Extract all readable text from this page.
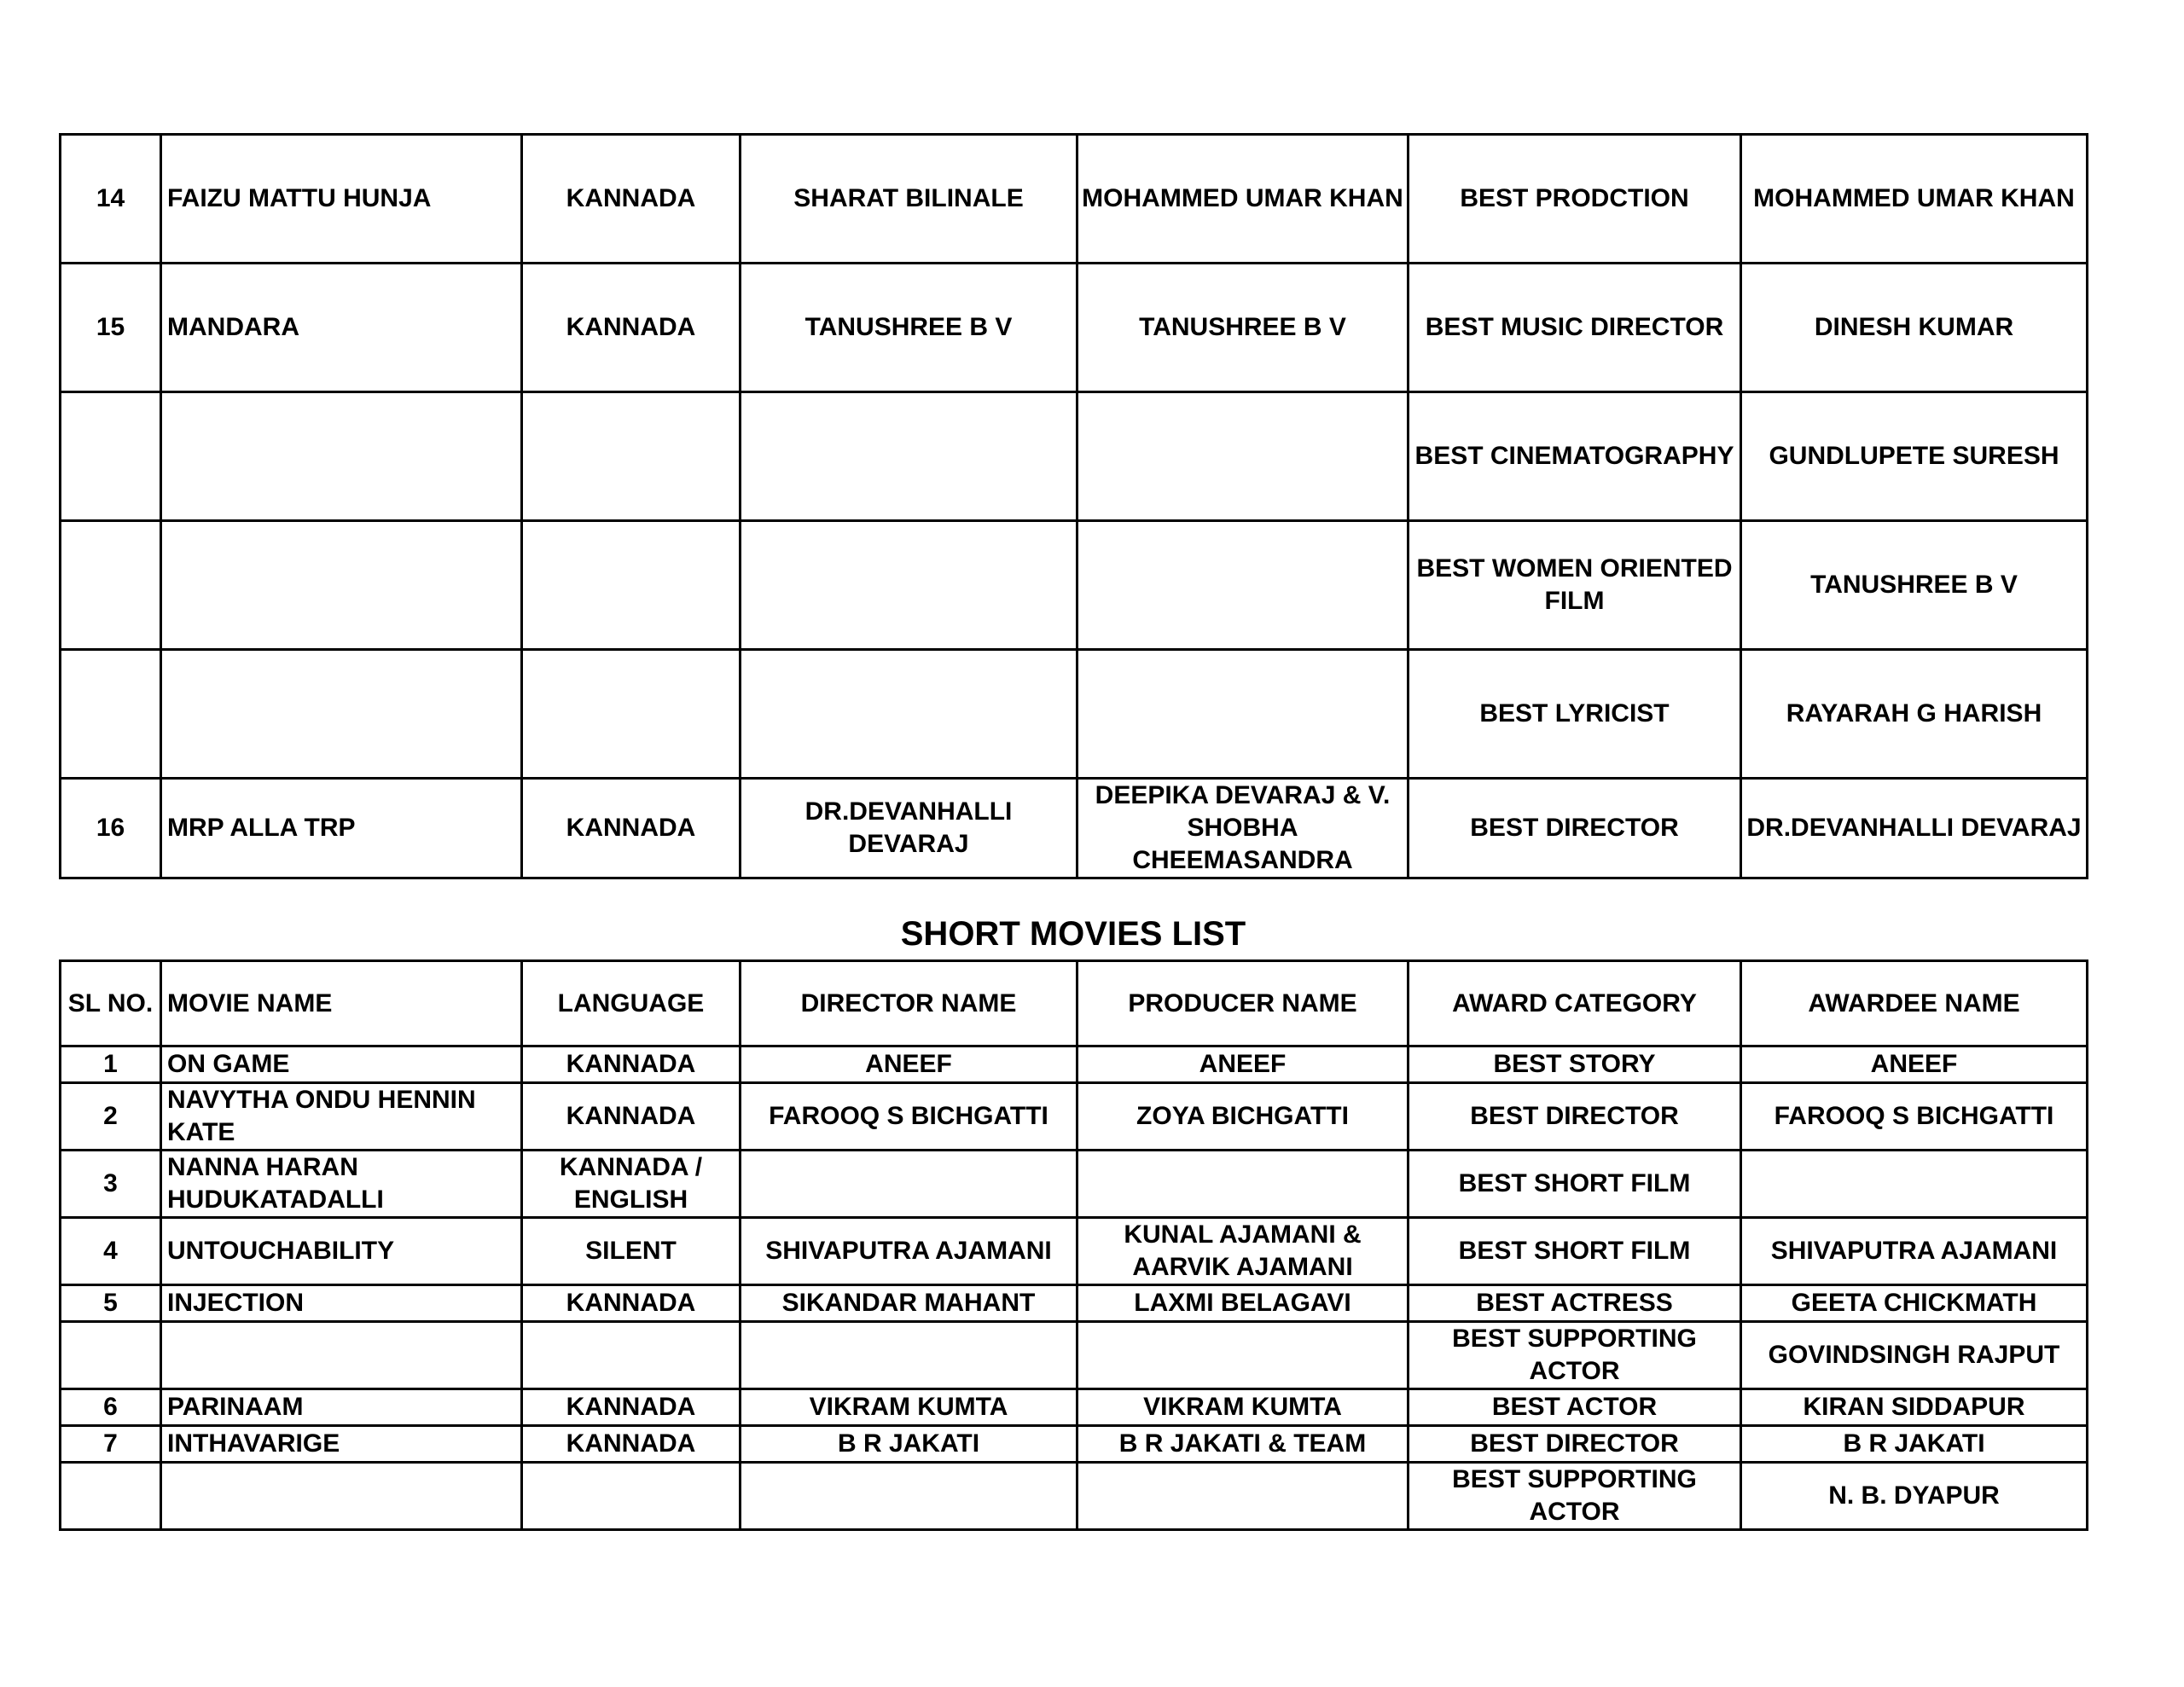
14	FAIZU MATTU HUNJA	KANNADA	SHARAT BILINALE	MOHAMMED UMAR KHAN	BEST PRODCTION	MOHAMMED UMAR KHAN
15	MANDARA	KANNADA	TANUSHREE B V	TANUSHREE B V	BEST MUSIC DIRECTOR	DINESH KUMAR
					BEST CINEMATOGRAPHY	GUNDLUPETE SURESH
					BEST WOMEN ORIENTED FILM	TANUSHREE B V
					BEST LYRICIST	RAYARAH G HARISH
16	MRP ALLA TRP	KANNADA	DR.DEVANHALLI DEVARAJ	DEEPIKA DEVARAJ & V. SHOBHA CHEEMASANDRA	BEST DIRECTOR	DR.DEVANHALLI DEVARAJ
SHORT MOVIES LIST
SL NO.	MOVIE NAME	LANGUAGE	DIRECTOR NAME	PRODUCER NAME	AWARD CATEGORY	AWARDEE NAME
1	ON GAME	KANNADA	ANEEF	ANEEF	BEST STORY	ANEEF
2	NAVYTHA ONDU HENNIN KATE	KANNADA	FAROOQ S BICHGATTI	ZOYA BICHGATTI	BEST DIRECTOR	FAROOQ S BICHGATTI
3	NANNA HARAN HUDUKATADALLI	KANNADA / ENGLISH			BEST SHORT FILM	
4	UNTOUCHABILITY	SILENT	SHIVAPUTRA AJAMANI	KUNAL AJAMANI & AARVIK AJAMANI	BEST SHORT FILM	SHIVAPUTRA AJAMANI
5	INJECTION	KANNADA	SIKANDAR MAHANT	LAXMI BELAGAVI	BEST ACTRESS	GEETA CHICKMATH
					BEST SUPPORTING ACTOR	GOVINDSINGH RAJPUT
6	PARINAAM	KANNADA	VIKRAM KUMTA	VIKRAM KUMTA	BEST ACTOR	KIRAN SIDDAPUR
7	INTHAVARIGE	KANNADA	B R JAKATI	B R JAKATI & TEAM	BEST DIRECTOR	B R JAKATI
					BEST SUPPORTING ACTOR	N. B. DYAPUR
